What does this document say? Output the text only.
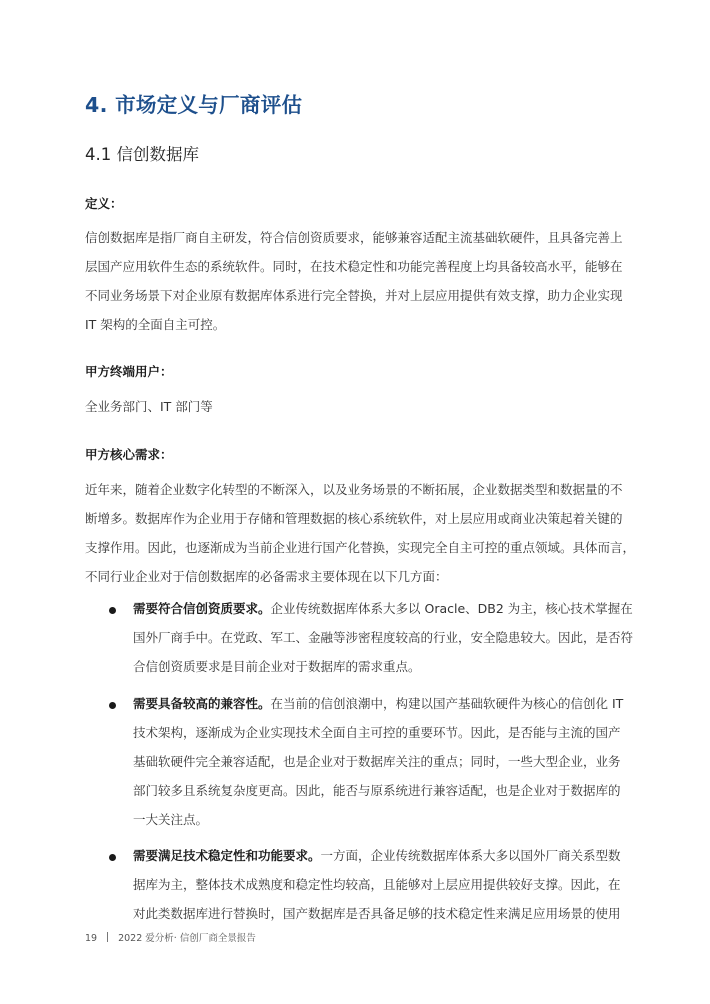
4. 市场定义与厂商评估
4.1 信创数据库
定义：
信创数据库是指厂商自主研发，符合信创资质要求，能够兼容适配主流基础软硬件，且具备完善上
层国产应用软件生态的系统软件。同时，在技术稳定性和功能完善程度上均具备较高水平，能够在
不同业务场景下对企业原有数据库体系进行完全替换，并对上层应用提供有效支撑，助力企业实现
IT 架构的全面自主可控。
甲方终端用户：
全业务部门、IT 部门等
甲方核心需求：
近年来，随着企业数字化转型的不断深入，以及业务场景的不断拓展，企业数据类型和数据量的不
断增多。数据库作为企业用于存储和管理数据的核心系统软件，对上层应用或商业决策起着关键的
支撑作用。因此，也逐渐成为当前企业进行国产化替换，实现完全自主可控的重点领域。具体而言，
不同行业企业对于信创数据库的必备需求主要体现在以下几方面：
需要符合信创资质要求。企业传统数据库体系大多以 Oracle、DB2 为主，核心技术掌握在
国外厂商手中。在党政、军工、金融等涉密程度较高的行业，安全隐患较大。因此，是否符
合信创资质要求是目前企业对于数据库的需求重点。
需要具备较高的兼容性。在当前的信创浪潮中，构建以国产基础软硬件为核心的信创化 IT
技术架构，逐渐成为企业实现技术全面自主可控的重要环节。因此，是否能与主流的国产
基础软硬件完全兼容适配，也是企业对于数据库关注的重点；同时，一些大型企业，业务
部门较多且系统复杂度更高。因此，能否与原系统进行兼容适配，也是企业对于数据库的
一大关注点。
需要满足技术稳定性和功能要求。一方面，企业传统数据库体系大多以国外厂商关系型数
据库为主，整体技术成熟度和稳定性均较高，且能够对上层应用提供较好支撑。因此，在
对此类数据库进行替换时，国产数据库是否具备足够的技术稳定性来满足应用场景的使用
19 2022 爱分析· 信创厂商全景报告
